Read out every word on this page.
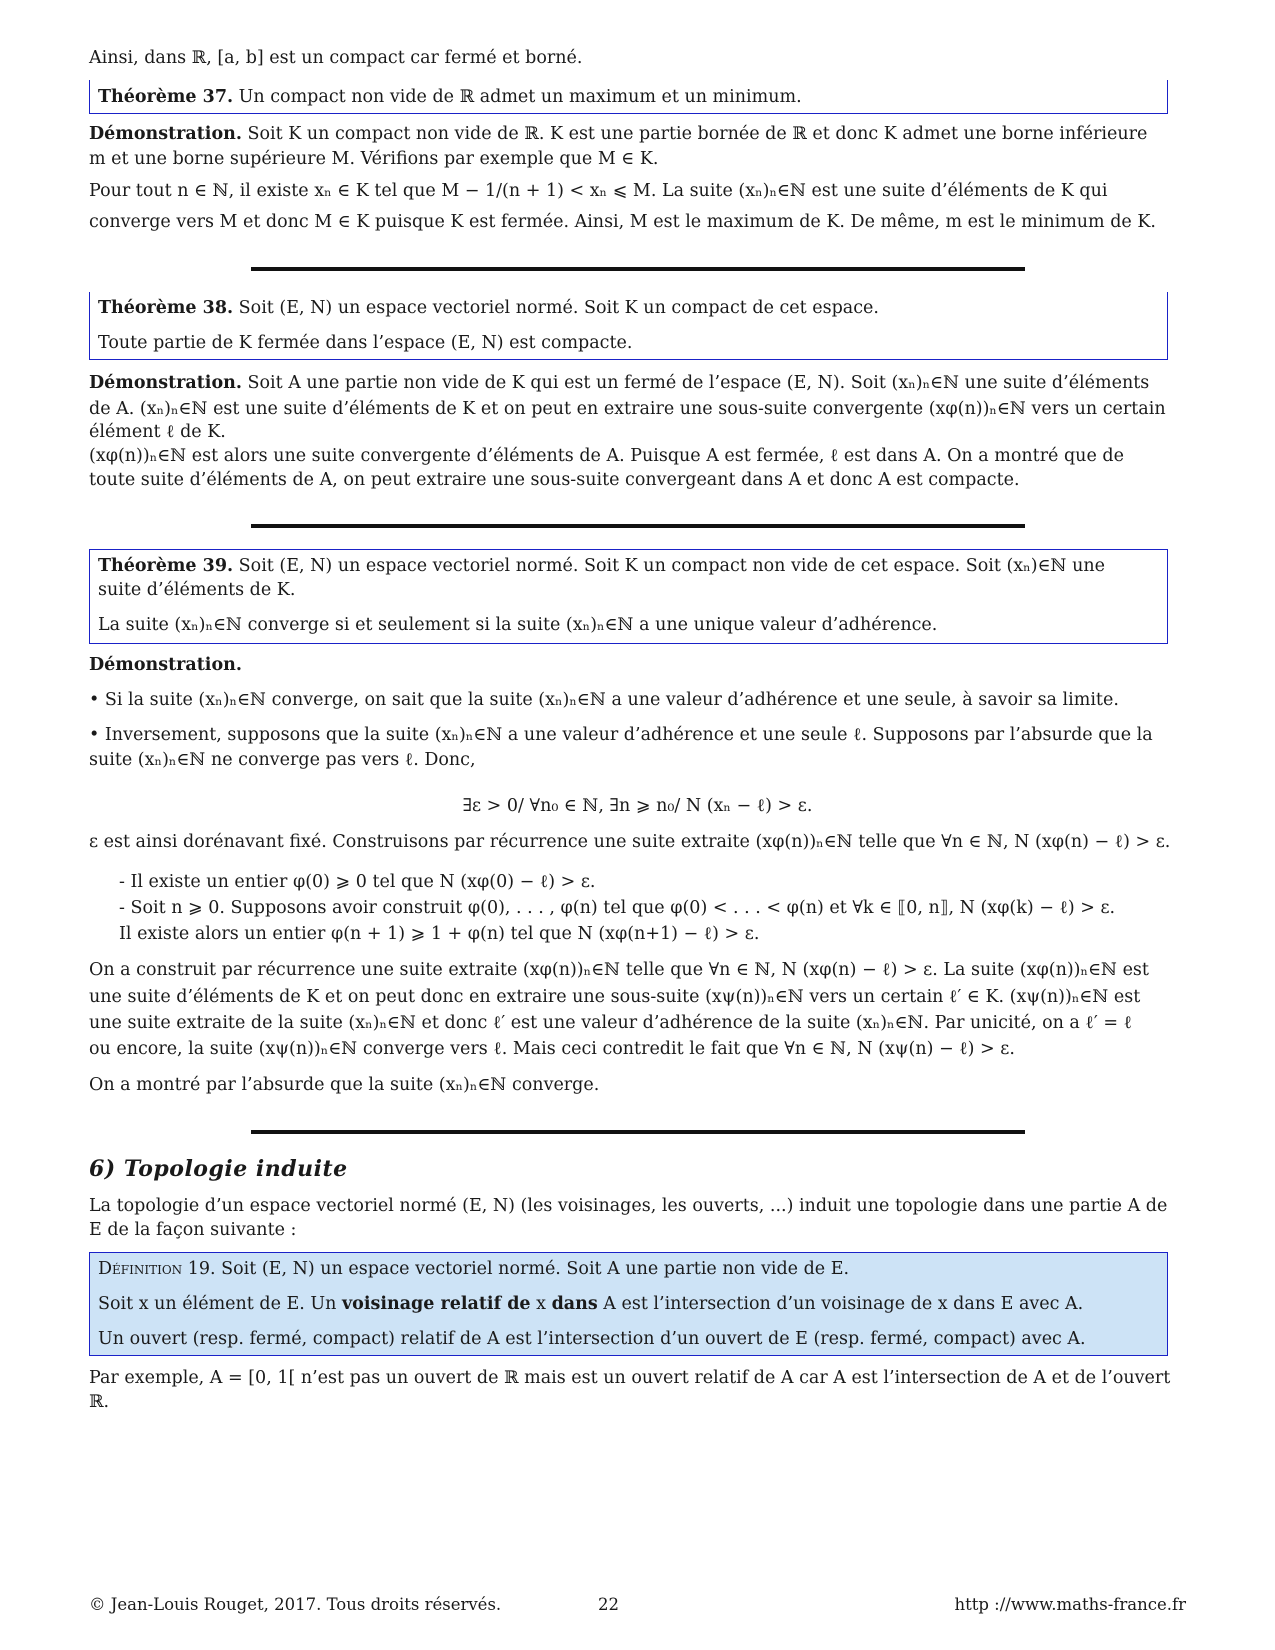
Ainsi, dans ℝ, [a, b] est un compact car fermé et borné.
Théorème 37. Un compact non vide de ℝ admet un maximum et un minimum.
Démonstration. Soit K un compact non vide de ℝ. K est une partie bornée de ℝ et donc K admet une borne inférieure
m et une borne supérieure M. Vérifions par exemple que M ∈ K.
Pour tout n ∈ ℕ, il existe xₙ ∈ K tel que M − 1/(n + 1) < xₙ ⩽ M. La suite (xₙ)ₙ∈ℕ est une suite d’éléments de K qui
converge vers M et donc M ∈ K puisque K est fermée. Ainsi, M est le maximum de K. De même, m est le minimum de K.
Théorème 38. Soit (E, N) un espace vectoriel normé. Soit K un compact de cet espace.
Toute partie de K fermée dans l’espace (E, N) est compacte.
Démonstration. Soit A une partie non vide de K qui est un fermé de l’espace (E, N). Soit (xₙ)ₙ∈ℕ une suite d’éléments
de A. (xₙ)ₙ∈ℕ est une suite d’éléments de K et on peut en extraire une sous-suite convergente (xφ(n))ₙ∈ℕ vers un certain
élément ℓ de K.
(xφ(n))ₙ∈ℕ est alors une suite convergente d’éléments de A. Puisque A est fermée, ℓ est dans A. On a montré que de
toute suite d’éléments de A, on peut extraire une sous-suite convergeant dans A et donc A est compacte.
Théorème 39. Soit (E, N) un espace vectoriel normé. Soit K un compact non vide de cet espace. Soit (xₙ)∈ℕ une
suite d’éléments de K.
La suite (xₙ)ₙ∈ℕ converge si et seulement si la suite (xₙ)ₙ∈ℕ a une unique valeur d’adhérence.
Démonstration.
• Si la suite (xₙ)ₙ∈ℕ converge, on sait que la suite (xₙ)ₙ∈ℕ a une valeur d’adhérence et une seule, à savoir sa limite.
• Inversement, supposons que la suite (xₙ)ₙ∈ℕ a une valeur d’adhérence et une seule ℓ. Supposons par l’absurde que la
suite (xₙ)ₙ∈ℕ ne converge pas vers ℓ. Donc,
∃ε > 0/ ∀n₀ ∈ ℕ, ∃n ⩾ n₀/ N (xₙ − ℓ) > ε.
ε est ainsi dorénavant fixé. Construisons par récurrence une suite extraite (xφ(n))ₙ∈ℕ telle que ∀n ∈ ℕ, N (xφ(n) − ℓ) > ε.
- Il existe un entier φ(0) ⩾ 0 tel que N (xφ(0) − ℓ) > ε.
- Soit n ⩾ 0. Supposons avoir construit φ(0), . . . , φ(n) tel que φ(0) < . . . < φ(n) et ∀k ∈ ⟦0, n⟧, N (xφ(k) − ℓ) > ε.
Il existe alors un entier φ(n + 1) ⩾ 1 + φ(n) tel que N (xφ(n+1) − ℓ) > ε.
On a construit par récurrence une suite extraite (xφ(n))ₙ∈ℕ telle que ∀n ∈ ℕ, N (xφ(n) − ℓ) > ε. La suite (xφ(n))ₙ∈ℕ est
une suite d’éléments de K et on peut donc en extraire une sous-suite (xψ(n))ₙ∈ℕ vers un certain ℓ′ ∈ K. (xψ(n))ₙ∈ℕ est
une suite extraite de la suite (xₙ)ₙ∈ℕ et donc ℓ′ est une valeur d’adhérence de la suite (xₙ)ₙ∈ℕ. Par unicité, on a ℓ′ = ℓ
ou encore, la suite (xψ(n))ₙ∈ℕ converge vers ℓ. Mais ceci contredit le fait que ∀n ∈ ℕ, N (xψ(n) − ℓ) > ε.
On a montré par l’absurde que la suite (xₙ)ₙ∈ℕ converge.
6) Topologie induite
La topologie d’un espace vectoriel normé (E, N) (les voisinages, les ouverts, ...) induit une topologie dans une partie A de
E de la façon suivante :
Définition 19. Soit (E, N) un espace vectoriel normé. Soit A une partie non vide de E.
Soit x un élément de E. Un voisinage relatif de x dans A est l’intersection d’un voisinage de x dans E avec A.
Un ouvert (resp. fermé, compact) relatif de A est l’intersection d’un ouvert de E (resp. fermé, compact) avec A.
Par exemple, A = [0, 1[ n’est pas un ouvert de ℝ mais est un ouvert relatif de A car A est l’intersection de A et de l’ouvert
ℝ.
© Jean-Louis Rouget, 2017. Tous droits réservés.	22	http ://www.maths-france.fr
